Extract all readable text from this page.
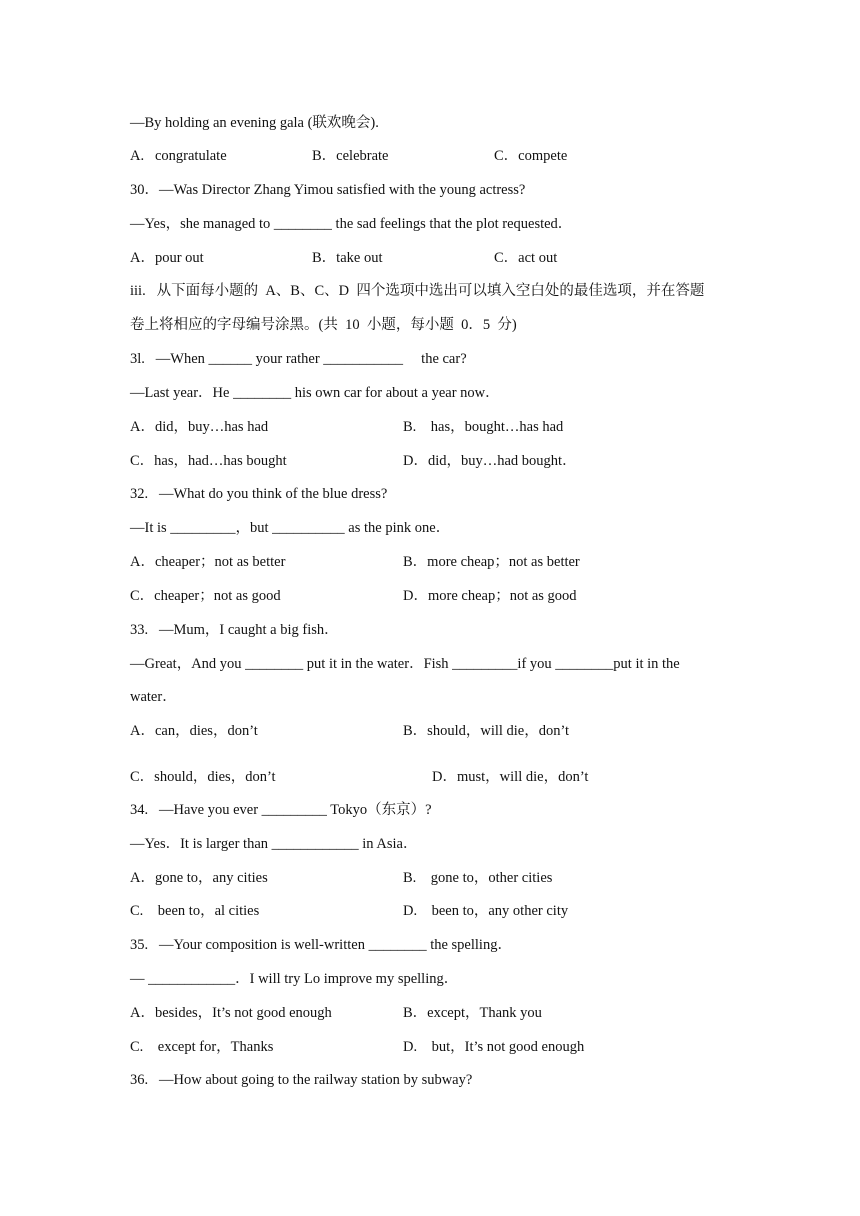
—By holding an evening gala (联欢晚会).
A.   congratulate	B．celebrate	C．compete
30．—Was Director Zhang Yimou satisfied with the young actress?
—Yes，she managed to ________ the sad feelings that the plot requested．
A．pour out	B．take out	C．act out
iii.   从下面每小题的  A、B、C、D  四个选项中选出可以填入空白处的最佳选项，并在答题
卷上将相应的字母编号涂黑。(共  10  小题，每小题  0．5  分)
3l.   —When ______ your rather ___________     the car?
—Last year．He ________ his own car for about a year now．
A．did，buy…has had	B.    has，bought…has had
C．has，had…has bought	D．did，buy…had bought．
32.   —What do you think of the blue dress?
—It is _________，but __________ as the pink one．
A．cheaper；not as better	B．more cheap；not as better
C．cheaper；not as good	D．more cheap；not as good
33.   —Mum，I caught a big fish．
—Great，And you ________ put it in the water．Fish _________if you ________put it in the
water．
A．can，dies，don’t	B．should，will die，don’t
C．should，dies，don’t	D．must，will die，don’t
34.   —Have you ever _________ Tokyo（东京）?
—Yes．It is larger than ____________ in Asia．
A．gone to，any cities	B.    gone to，other cities
C.    been to，al cities	D.    been to，any other city
35.   —Your composition is well-written ________ the spelling．
— ____________．I will try Lo improve my spelling．
A．besides，It’s not good enough	B．except，Thank you
C.    except for，Thanks	D.    but，It’s not good enough
36.   —How about going to the railway station by subway?
